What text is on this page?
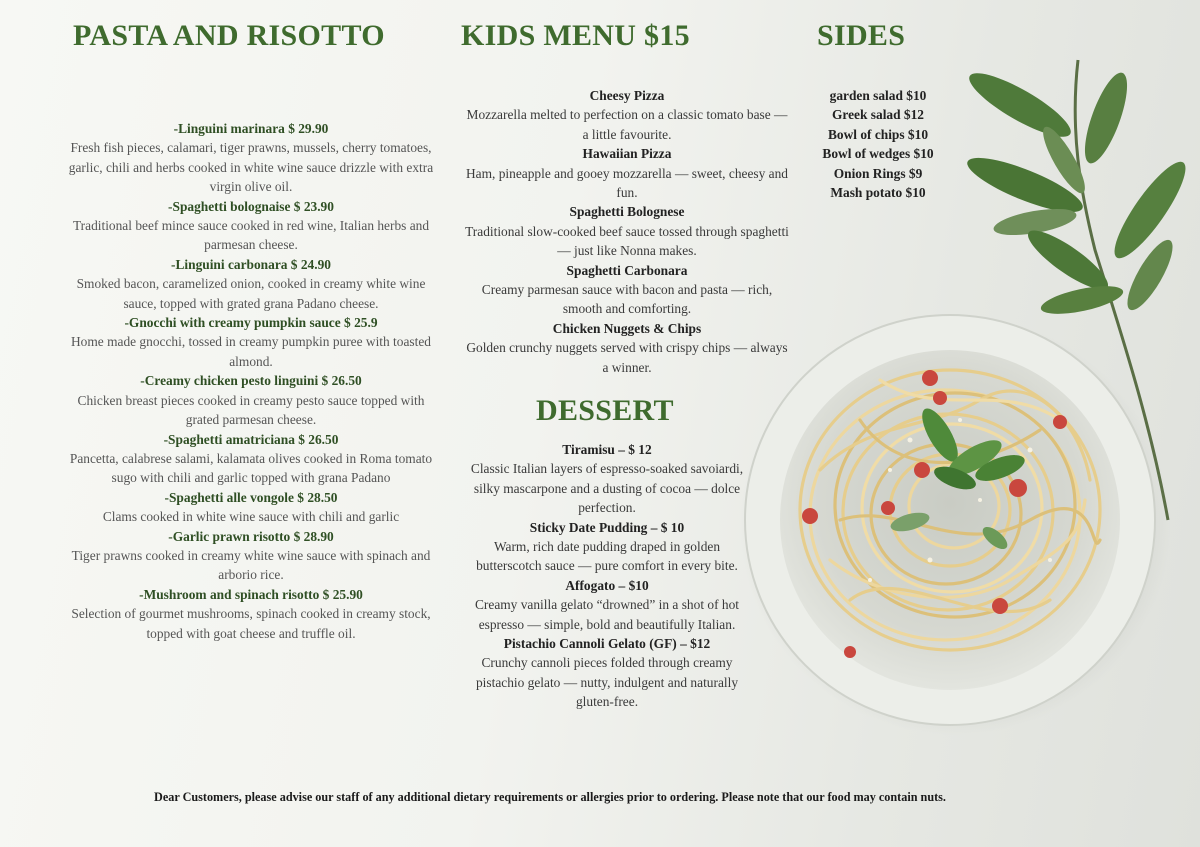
PASTA AND RISOTTO	KIDS MENU $15	SIDES
DESSERT
-Linguini marinara $ 29.90
Fresh fish pieces, calamari, tiger prawns, mussels, cherry tomatoes, garlic, chili and herbs cooked in white wine sauce drizzle with extra virgin olive oil.
-Spaghetti bolognaise $ 23.90
Traditional beef mince sauce cooked in red wine, Italian herbs and parmesan cheese.
-Linguini carbonara $ 24.90
Smoked bacon, caramelized onion, cooked in creamy white wine sauce, topped with grated grana Padano cheese.
-Gnocchi with creamy pumpkin sauce $ 25.9
Home made gnocchi, tossed in creamy pumpkin puree with toasted almond.
-Creamy chicken pesto linguini $ 26.50
Chicken breast pieces cooked in creamy pesto sauce topped with grated parmesan cheese.
-Spaghetti amatriciana $ 26.50
Pancetta, calabrese salami, kalamata olives cooked in Roma tomato sugo with chili and garlic topped with grana Padano
-Spaghetti alle vongole $ 28.50
Clams cooked in white wine sauce with chili and garlic
-Garlic prawn risotto $ 28.90
Tiger prawns cooked in creamy white wine sauce with spinach and arborio rice.
-Mushroom and spinach risotto $ 25.90
Selection of gourmet mushrooms, spinach cooked in creamy stock, topped with goat cheese and truffle oil.
Cheesy Pizza
Mozzarella melted to perfection on a classic tomato base — a little favourite.
Hawaiian Pizza
Ham, pineapple and gooey mozzarella — sweet, cheesy and fun.
Spaghetti Bolognese
Traditional slow-cooked beef sauce tossed through spaghetti — just like Nonna makes.
Spaghetti Carbonara
Creamy parmesan sauce with bacon and pasta — rich, smooth and comforting.
Chicken Nuggets & Chips
Golden crunchy nuggets served with crispy chips — always a winner.
Tiramisu – $ 12
Classic Italian layers of espresso-soaked savoiardi, silky mascarpone and a dusting of cocoa — dolce perfection.
Sticky Date Pudding – $ 10
Warm, rich date pudding draped in golden butterscotch sauce — pure comfort in every bite.
Affogato – $10
Creamy vanilla gelato “drowned” in a shot of hot espresso — simple, bold and beautifully Italian.
Pistachio Cannoli Gelato (GF) – $12
Crunchy cannoli pieces folded through creamy pistachio gelato — nutty, indulgent and naturally gluten-free.
garden salad $10
Greek salad $12
Bowl of chips $10
Bowl of wedges $10
Onion Rings $9
Mash potato $10
Dear Customers, please advise our staff of any additional dietary requirements or allergies prior to ordering. Please note that our food may contain nuts.
